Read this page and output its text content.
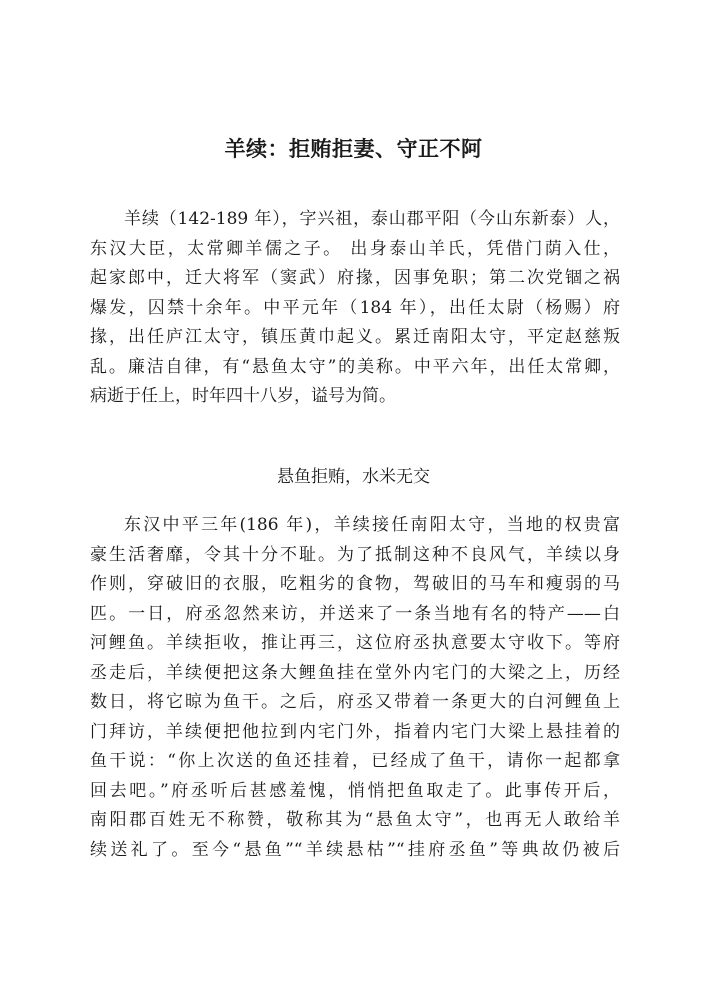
羊续：拒贿拒妻、守正不阿
羊续（142-189 年），字兴祖，泰山郡平阳（今山东新泰）人，
东汉大臣，太常卿羊儒之子。 出身泰山羊氏，凭借门荫入仕，
起家郎中，迁大将军（窦武）府掾，因事免职；第二次党锢之祸
爆发，囚禁十余年。中平元年（184 年），出任太尉（杨赐）府
掾，出任庐江太守，镇压黄巾起义。累迁南阳太守，平定赵慈叛
乱。廉洁自律，有“悬鱼太守”的美称。中平六年，出任太常卿，
病逝于任上，时年四十八岁，谥号为简。
悬鱼拒贿，水米无交
东汉中平三年(186 年)，羊续接任南阳太守，当地的权贵富
豪生活奢靡，令其十分不耻。为了抵制这种不良风气，羊续以身
作则，穿破旧的衣服，吃粗劣的食物，驾破旧的马车和瘦弱的马
匹。一日，府丞忽然来访，并送来了一条当地有名的特产——白
河鲤鱼。羊续拒收，推让再三，这位府丞执意要太守收下。等府
丞走后，羊续便把这条大鲤鱼挂在堂外内宅门的大梁之上，历经
数日，将它晾为鱼干。之后，府丞又带着一条更大的白河鲤鱼上
门拜访，羊续便把他拉到内宅门外，指着内宅门大梁上悬挂着的
鱼干说：“你上次送的鱼还挂着，已经成了鱼干，请你一起都拿
回去吧。”府丞听后甚感羞愧，悄悄把鱼取走了。此事传开后，
南阳郡百姓无不称赞，敬称其为“悬鱼太守”，也再无人敢给羊
续送礼了。至今“悬鱼”“羊续悬枯”“挂府丞鱼”等典故仍被后
